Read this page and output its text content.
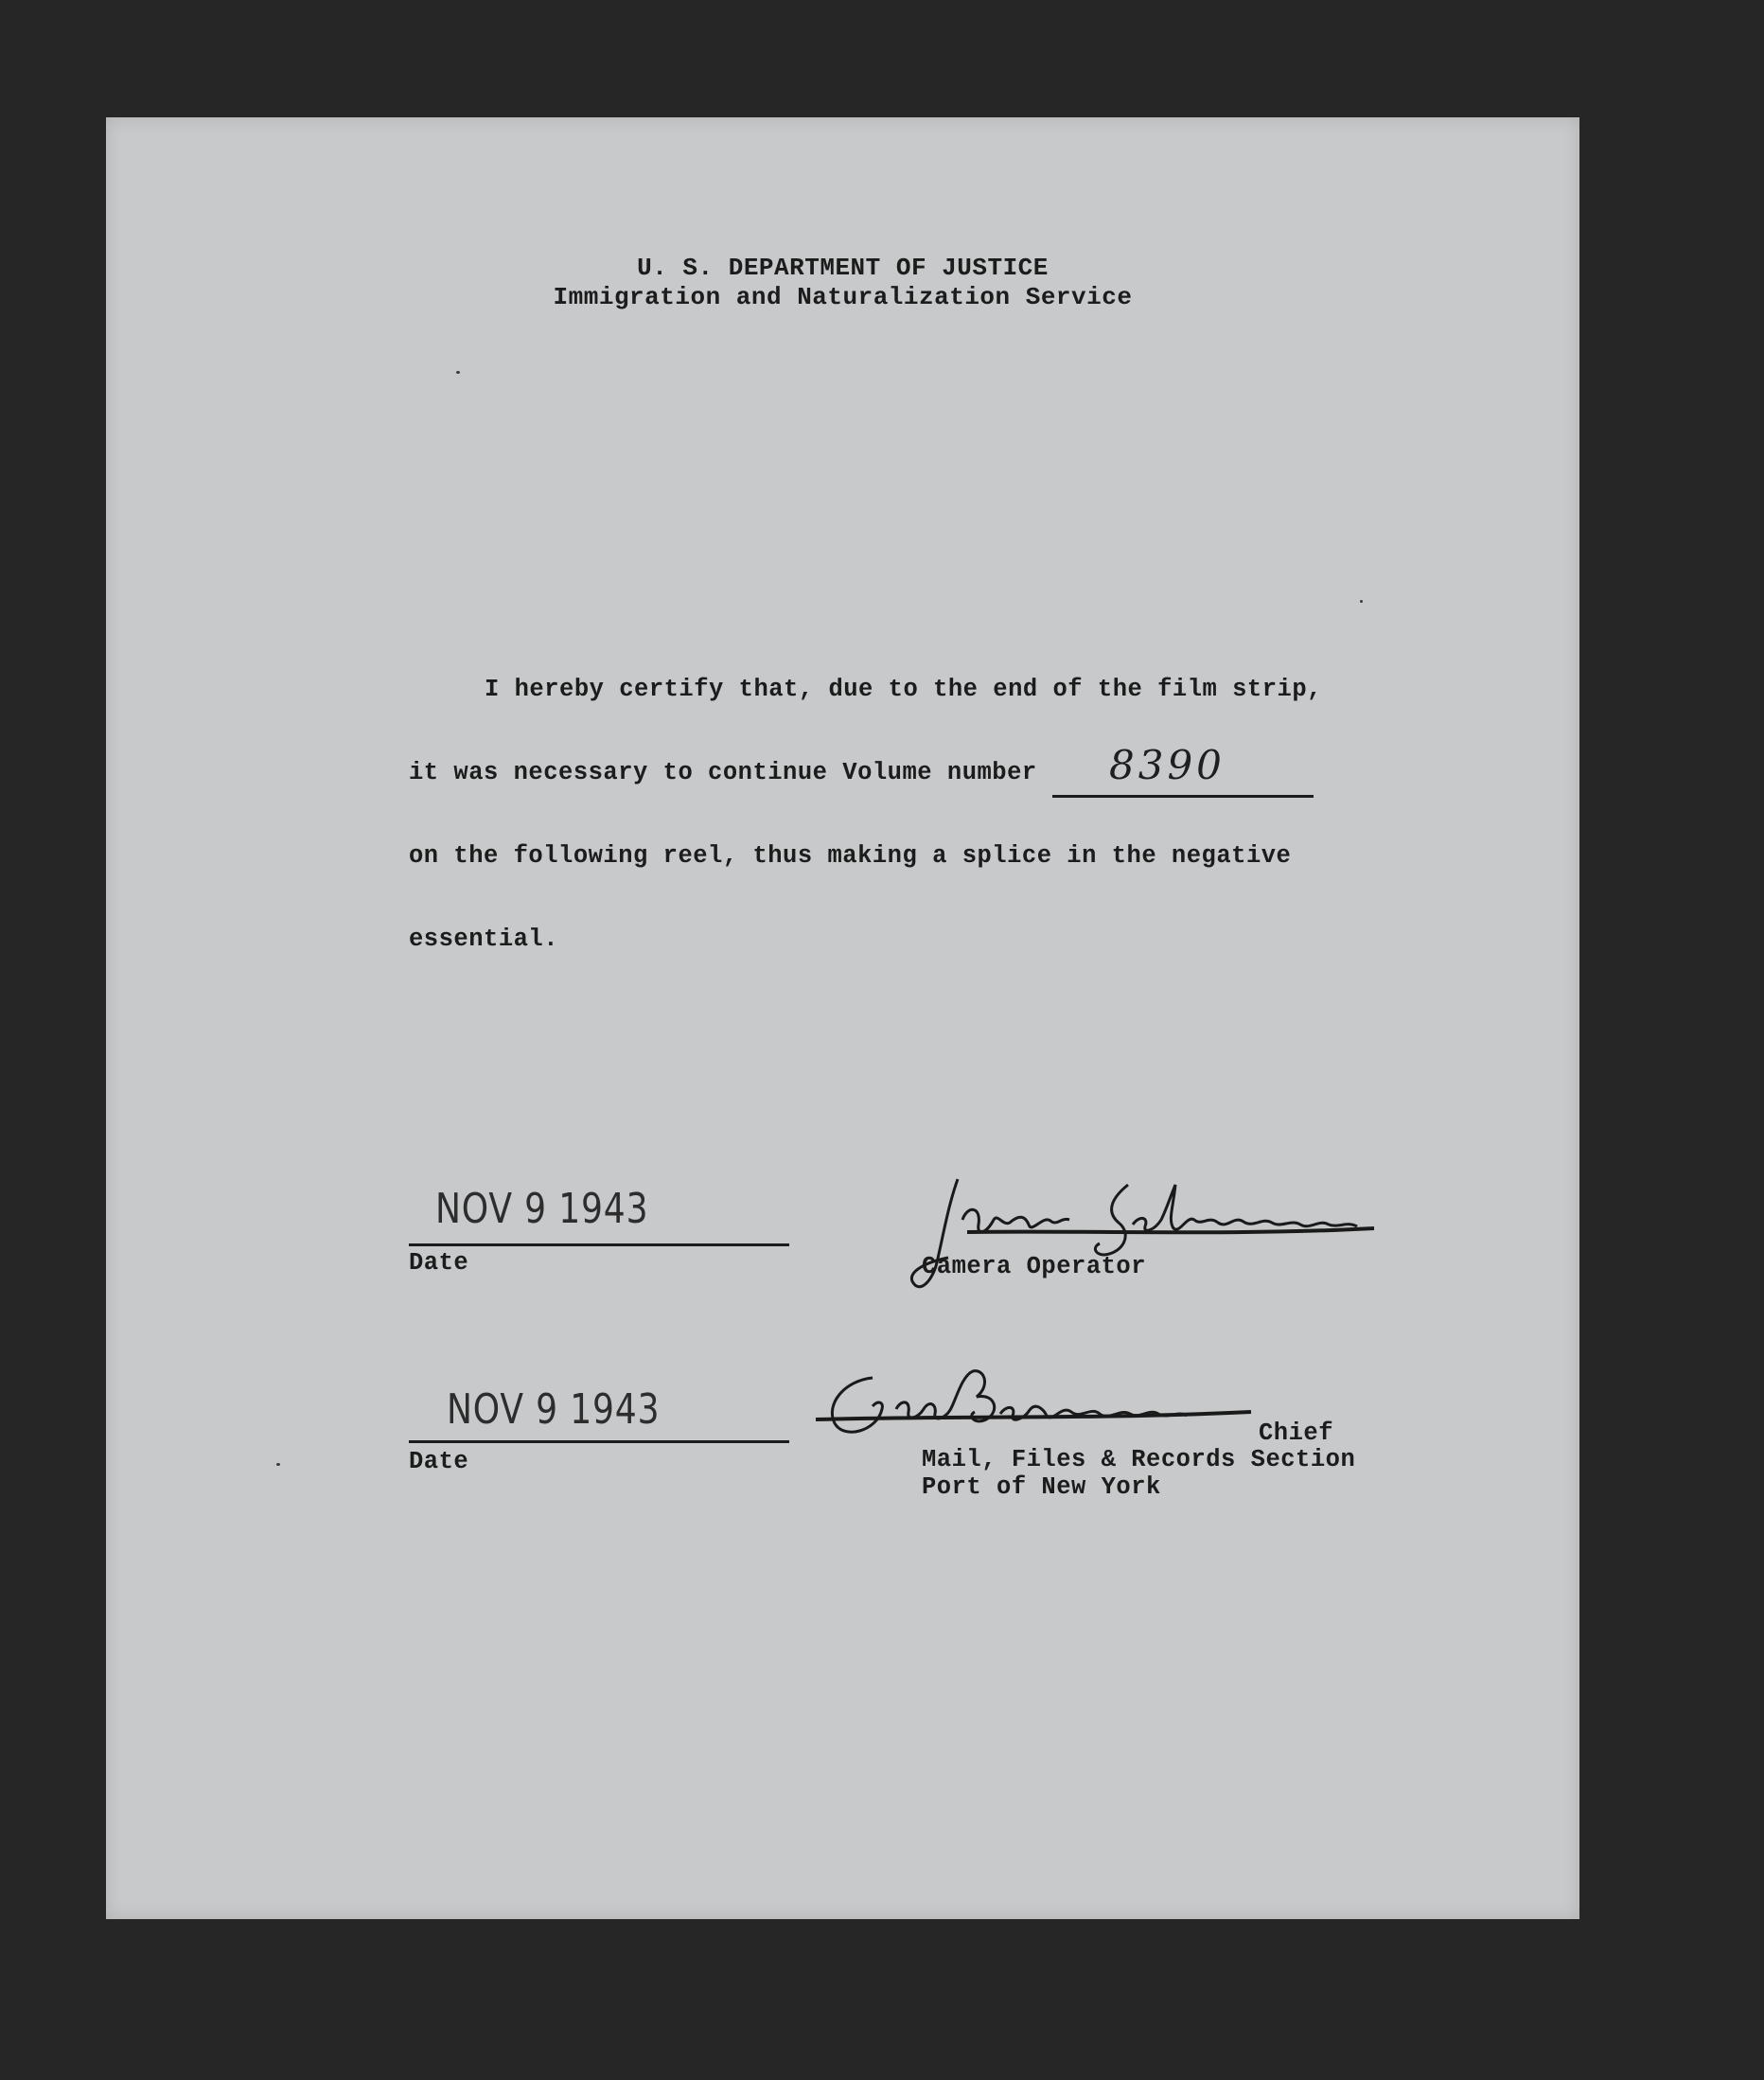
U. S. DEPARTMENT OF JUSTICE
Immigration and Naturalization Service
I hereby certify that, due to the end of the film strip,
it was necessary to continue Volume number 8390
on the following reel, thus making a splice in the negative
essential.
NOV 9 1943
Date	Camera Operator
NOV 9 1943
Date
Chief
Mail, Files & Records Section
Port of New York
